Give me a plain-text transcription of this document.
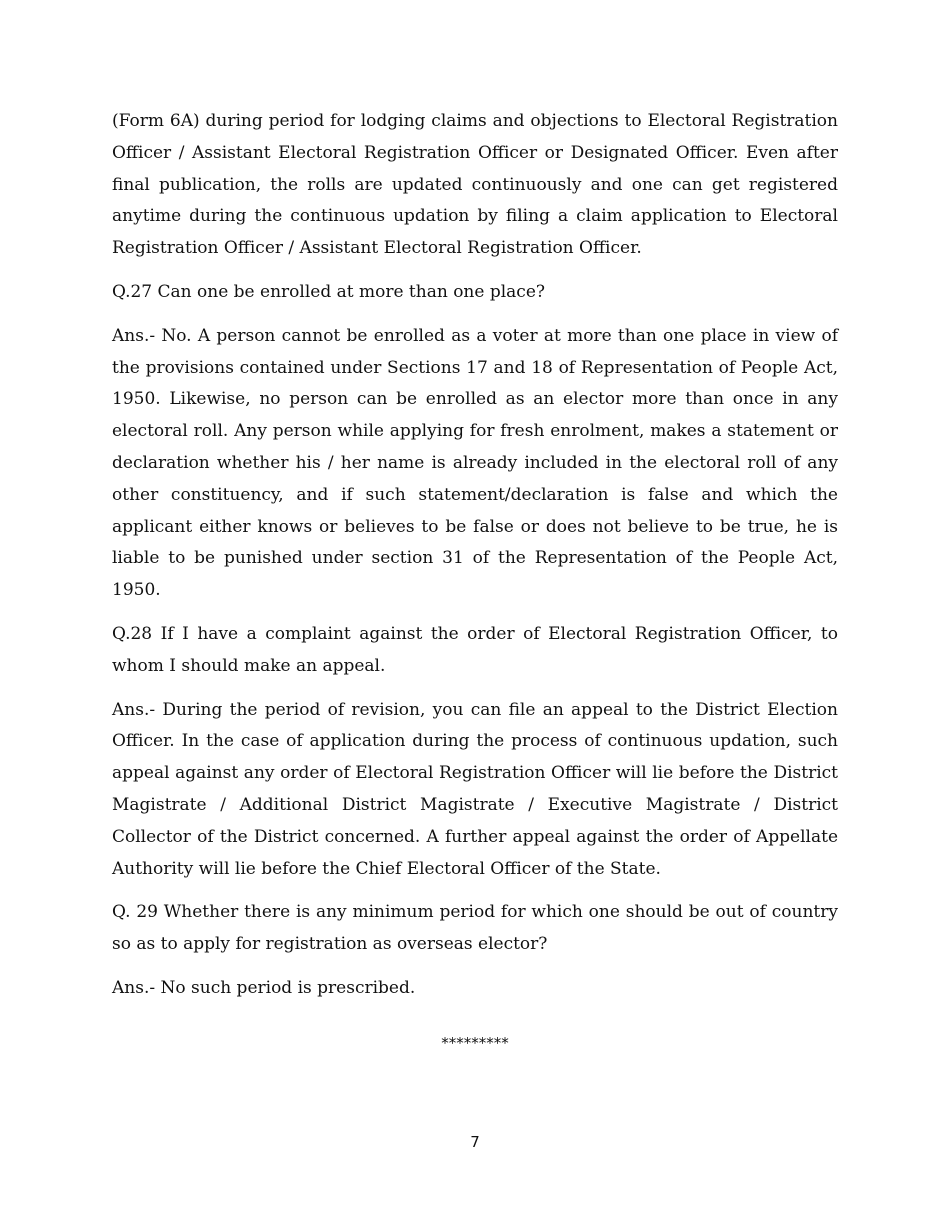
(Form 6A) during period for lodging claims and objections to Electoral Registration Officer / Assistant Electoral Registration Officer or Designated Officer. Even after final publication, the rolls are updated continuously and one can get registered anytime during the continuous updation by filing a claim application to Electoral Registration Officer / Assistant Electoral Registration Officer.

Q.27 Can one be enrolled at more than one place?

Ans.- No. A person cannot be enrolled as a voter at more than one place in view of the provisions contained under Sections 17 and 18 of Representation of People Act, 1950. Likewise, no person can be enrolled as an elector more than once in any electoral roll. Any person while applying for fresh enrolment, makes a statement or declaration whether his / her name is already included in the electoral roll of any other constituency, and if such statement/declaration is false and which the applicant either knows or believes to be false or does not believe to be true, he is liable to be punished under section 31 of the Representation of the People Act, 1950.

Q.28 If I have a complaint against the order of Electoral Registration Officer, to whom I should make an appeal.

Ans.- During the period of revision, you can file an appeal to the District Election Officer. In the case of application during the process of continuous updation, such appeal against any order of Electoral Registration Officer will lie before the District Magistrate / Additional District Magistrate / Executive Magistrate / District Collector of the District concerned. A further appeal against the order of Appellate Authority will lie before the Chief Electoral Officer of the State.

Q. 29 Whether there is any minimum period for which one should be out of country so as to apply for registration as overseas elector?

Ans.- No such period is prescribed.

*********
7
